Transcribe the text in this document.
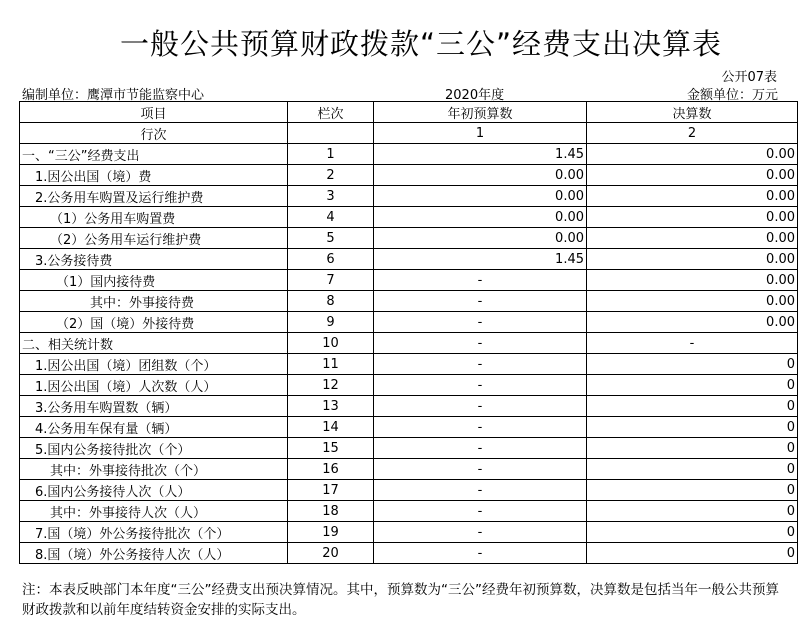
一般公共预算财政拨款“三公”经费支出决算表
公开07表
编制单位：鹰潭市节能监察中心	2020年度	金额单位：万元
项目	栏次	年初预算数	决算数
行次		1	2
一、“三公”经费支出	1	1.45	0.00
1.因公出国（境）费	2	0.00	0.00
2.公务用车购置及运行维护费	3	0.00	0.00
（1）公务用车购置费	4	0.00	0.00
（2）公务用车运行维护费	5	0.00	0.00
3.公务接待费	6	1.45	0.00
（1）国内接待费	7	-	0.00
其中：外事接待费	8	-	0.00
（2）国（境）外接待费	9	-	0.00
二、相关统计数	10	-	-
1.因公出国（境）团组数（个）	11	-	0
1.因公出国（境）人次数（人）	12	-	0
3.公务用车购置数（辆）	13	-	0
4.公务用车保有量（辆）	14	-	0
5.国内公务接待批次（个）	15	-	0
其中：外事接待批次（个）	16	-	0
6.国内公务接待人次（人）	17	-	0
其中：外事接待人次（人）	18	-	0
7.国（境）外公务接待批次（个）	19	-	0
8.国（境）外公务接待人次（人）	20	-	0
注：本表反映部门本年度“三公”经费支出预决算情况。其中，预算数为“三公”经费年初预算数，决算数是包括当年一般公共预算财政拨款和以前年度结转资金安排的实际支出。
